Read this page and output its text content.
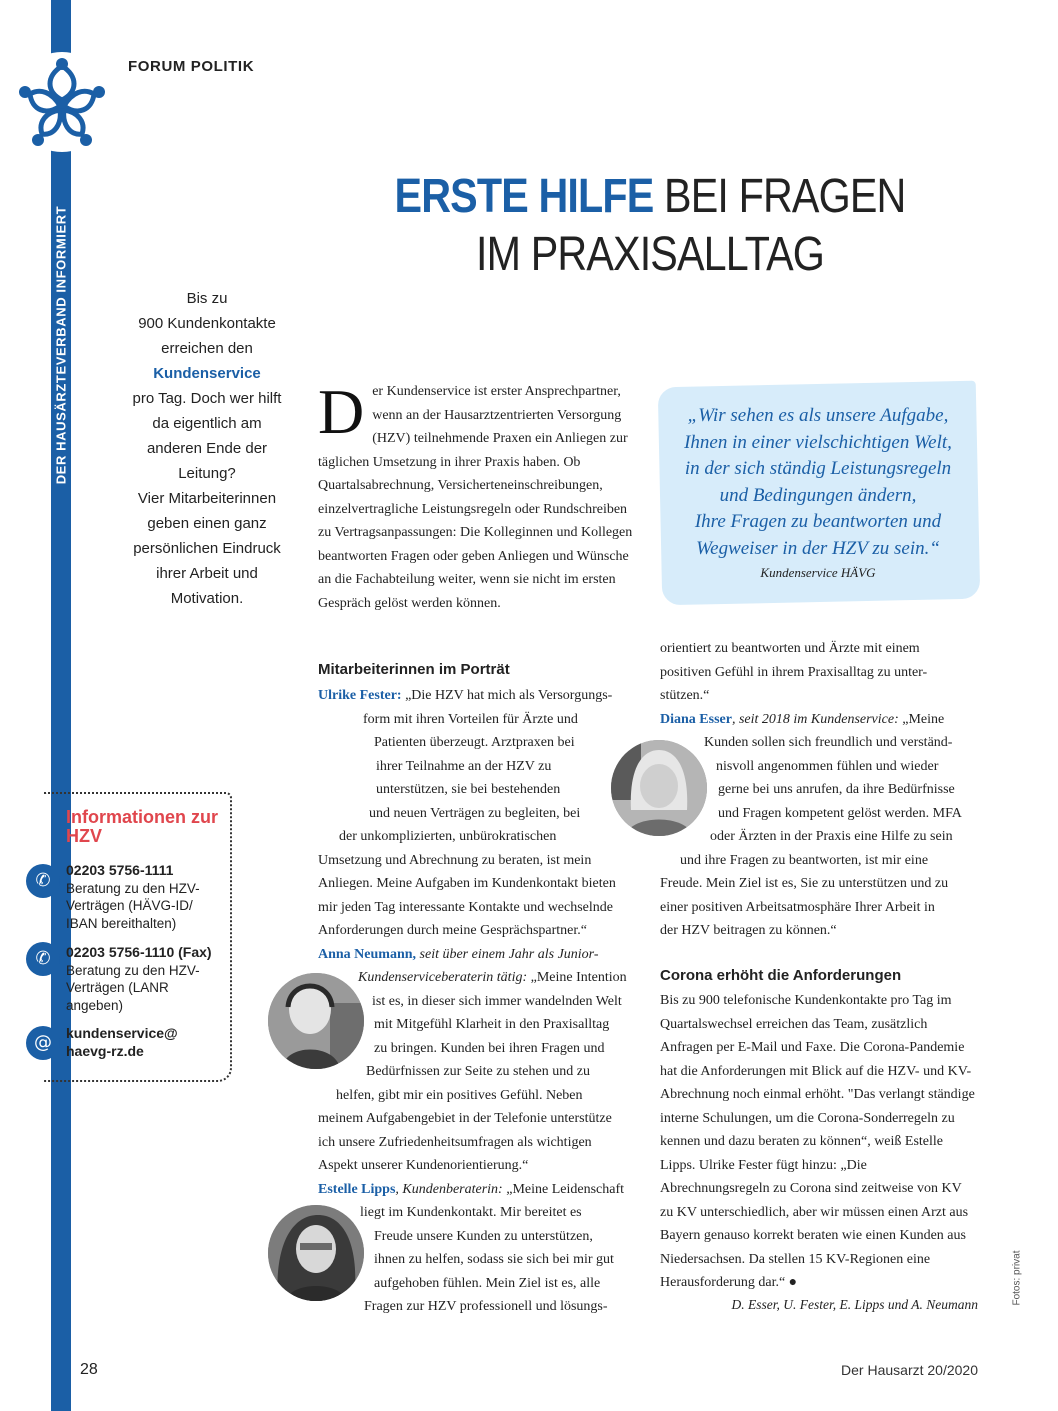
DER HAUSÄRZTEVERBAND INFORMIERT
FORUM POLITIK
ERSTE HILFE BEI FRAGEN
IM PRAXISALLTAG
Bis zu
900 Kundenkontakte
erreichen den
Kundenservice
pro Tag. Doch wer hilft
da eigentlich am
anderen Ende der
Leitung?
Vier Mitarbeiterinnen
geben einen ganz
persönlichen Eindruck
ihrer Arbeit und
Motivation.
Der Kundenservice ist erster Ansprechpartner, wenn an der Hausarztzentrierten Versorgung (HZV) teilnehmende Praxen ein Anliegen zur täglichen Umsetzung in ihrer Praxis haben. Ob Quartalsabrechnung, Versicherteneinschreibungen, einzelvertragliche Leistungsregeln oder Rundschreiben zu Vertragsanpassungen: Die Kolleginnen und Kollegen beantworten Fragen oder geben Anliegen und Wünsche an die Fachabteilung weiter, wenn sie nicht im ersten Gespräch gelöst werden können.
Mitarbeiterinnen im Porträt
Ulrike Fester: „Die HZV hat mich als Versorgungs-
form mit ihren Vorteilen für Ärzte und
Patienten überzeugt. Arztpraxen bei
ihrer Teilnahme an der HZV zu
unterstützen, sie bei bestehenden
und neuen Verträgen zu begleiten, bei
der unkomplizierten, unbürokratischen
Umsetzung und Abrechnung zu beraten, ist mein
Anliegen. Meine Aufgaben im Kundenkontakt bieten
mir jeden Tag interessante Kontakte und wechselnde
Anforderungen durch meine Gesprächspartner.“
Anna Neumann, seit über einem Jahr als Junior-
Kundenserviceberaterin tätig: „Meine Intention
ist es, in dieser sich immer wandelnden Welt
mit Mitgefühl Klarheit in den Praxisalltag
zu bringen. Kunden bei ihren Fragen und
Bedürfnissen zur Seite zu stehen und zu
helfen, gibt mir ein positives Gefühl. Neben
meinem Aufgabengebiet in der Telefonie unterstütze
ich unsere Zufriedenheitsumfragen als wichtigen
Aspekt unserer Kundenorientierung.“
Estelle Lipps, Kundenberaterin: „Meine Leidenschaft
liegt im Kundenkontakt. Mir bereitet es
Freude unsere Kunden zu unterstützen,
ihnen zu helfen, sodass sie sich bei mir gut
aufgehoben fühlen. Mein Ziel ist es, alle
Fragen zur HZV professionell und lösungs-
„Wir sehen es als unsere Aufgabe,
Ihnen in einer vielschichtigen Welt,
in der sich ständig Leistungsregeln
und Bedingungen ändern,
Ihre Fragen zu beantworten und
Wegweiser in der HZV zu sein.“
Kundenservice HÄVG
orientiert zu beantworten und Ärzte mit einem
positiven Gefühl in ihrem Praxisalltag zu unter-
stützen.“
Diana Esser, seit 2018 im Kundenservice: „Meine
Kunden sollen sich freundlich und verständ-
nisvoll angenommen fühlen und wieder
gerne bei uns anrufen, da ihre Bedürfnisse
und Fragen kompetent gelöst werden. MFA
oder Ärzten in der Praxis eine Hilfe zu sein
und ihre Fragen zu beantworten, ist mir eine
Freude. Mein Ziel ist es, Sie zu unterstützen und zu
einer positiven Arbeitsatmosphäre Ihrer Arbeit in
der HZV beitragen zu können.“
Corona erhöht die Anforderungen
Bis zu 900 telefonische Kundenkontakte pro Tag im Quartalswechsel erreichen das Team, zusätzlich Anfragen per E-Mail und Faxe. Die Corona-Pandemie hat die Anforderungen mit Blick auf die HZV- und KV-Abrechnung noch einmal erhöht. "Das verlangt ständige interne Schulungen, um die Corona-Sonderregeln zu kennen und dazu beraten zu können“, weiß Estelle Lipps. Ulrike Fester fügt hinzu: „Die Abrechnungsregeln zu Corona sind zeitweise von KV zu KV unterschiedlich, aber wir müssen einen Arzt aus Bayern genauso korrekt beraten wie einen Kunden aus Niedersachsen. Da stellen 15 KV-Regionen eine Herausforderung dar.“ ●
D. Esser, U. Fester, E. Lipps und A. Neumann
Informationen zur HZV
✆	02203 5756-1111
Beratung zu den HZV-Verträgen (HÄVG-ID/ IBAN bereithalten)
✆	02203 5756-1110 (Fax)
Beratung zu den HZV-Verträgen (LANR angeben)
@	kundenservice@
haevg-rz.de
Fotos: privat
28	Der Hausarzt 20/2020
